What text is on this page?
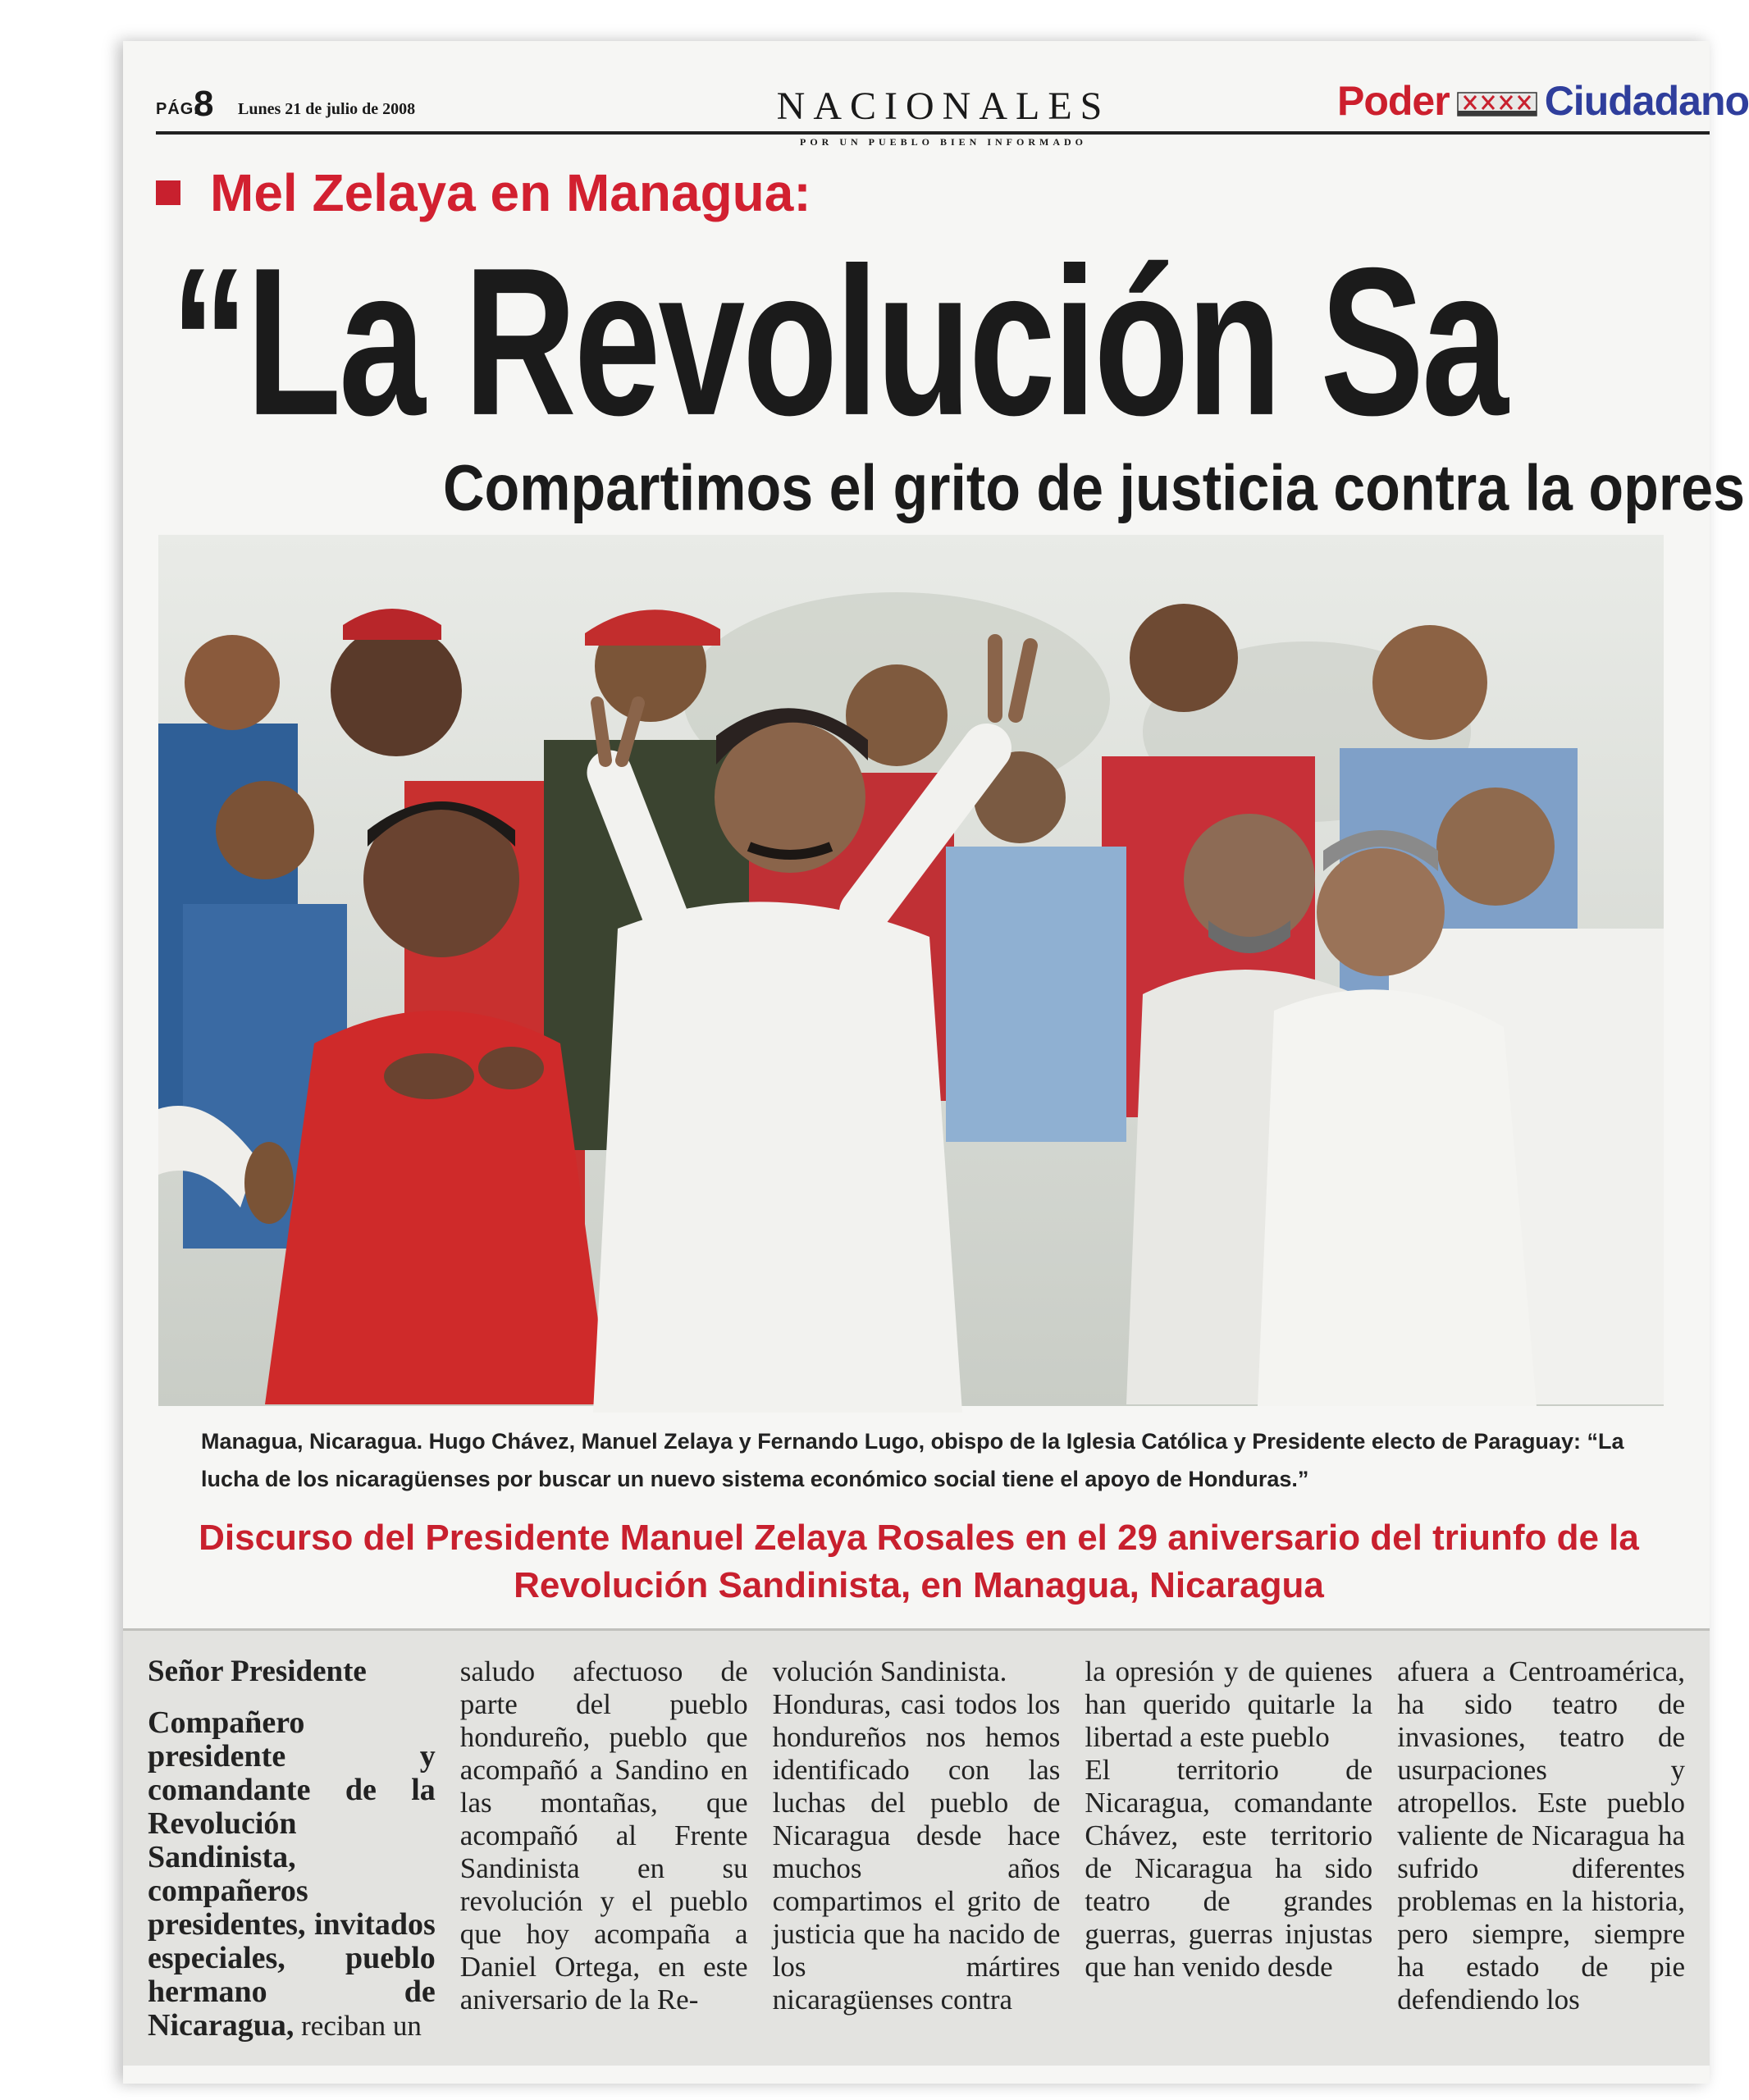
PÁG.
8 Lunes 21 de julio de 2008	NACIONALES
POR UN PUEBLO BIEN INFORMADO
Poder Ciudadano
Mel Zelaya en Managua:
“La Revolución Sa
Compartimos el grito de justicia contra la opres
Managua, Nicaragua. Hugo Chávez, Manuel Zelaya y Fernando Lugo, obispo de la Iglesia Católica y Presidente electo de Paraguay: “La lucha de los nicaragüenses por buscar un nuevo sistema económico social tiene el apoyo de Honduras.”
Discurso del Presidente Manuel Zelaya Rosales en el 29 aniversario del triunfo de la Revolución Sandinista, en Managua, Nicaragua

Señor Presidente

Compañero presidente y comandante de la Revolución Sandinista, compañeros presidentes, invitados especiales, pueblo hermano de Nicaragua, reciban un

saludo afectuoso de parte del pueblo hondureño, pueblo que acompañó a Sandino en las montañas, que acompañó al Frente Sandinista en su revolución y el pueblo que hoy acompaña a Daniel Ortega, en este aniversario de la Re-

volución Sandinista.

Honduras, casi todos los hondureños nos hemos identificado con las luchas del pueblo de Nicaragua desde hace muchos años compartimos el grito de justicia que ha nacido de los mártires nicaragüenses contra

la opresión y de quienes han querido quitarle la libertad a este pueblo

El territorio de Nicaragua, comandante Chávez, este territorio de Nicaragua ha sido teatro de grandes guerras, guerras injustas que han venido desde

afuera a Centroamérica, ha sido teatro de invasiones, teatro de usurpaciones y atropellos. Este pueblo valiente de Nicaragua ha sufrido diferentes problemas en la historia, pero siempre, siempre ha estado de pie defendiendo los
